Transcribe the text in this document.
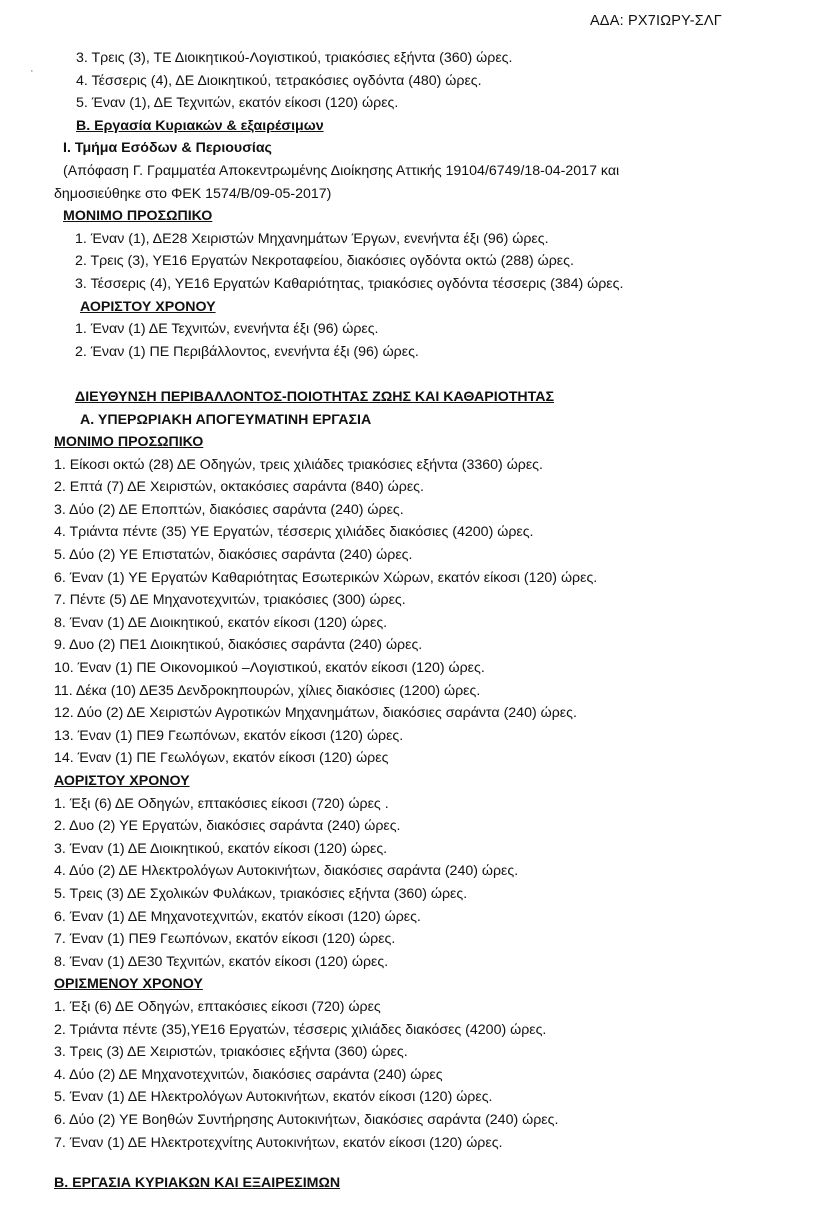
ΑΔΑ: ΡΧ7ΙΩΡΥ-ΣΛΓ
·
3. Τρεις (3), ΤΕ Διοικητικού-Λογιστικού, τριακόσιες εξήντα (360) ώρες.
4. Τέσσερις (4), ΔΕ Διοικητικού, τετρακόσιες ογδόντα (480) ώρες.
5. Έναν (1), ΔΕ Τεχνιτών, εκατόν είκοσι (120) ώρες.
Β. Εργασία Κυριακών & εξαιρέσιμων
Ι. Τμήμα Εσόδων & Περιουσίας
(Απόφαση Γ. Γραμματέα Αποκεντρωμένης Διοίκησης Αττικής 19104/6749/18-04-2017 και
δημοσιεύθηκε στο ΦΕΚ 1574/Β/09-05-2017)
ΜΟΝΙΜΟ ΠΡΟΣΩΠΙΚΟ
1. Έναν (1), ΔΕ28 Χειριστών Μηχανημάτων Έργων, ενενήντα έξι (96) ώρες.
2. Τρεις (3), ΥΕ16 Εργατών Νεκροταφείου, διακόσιες ογδόντα οκτώ (288) ώρες.
3. Τέσσερις (4), ΥΕ16 Εργατών Καθαριότητας, τριακόσιες ογδόντα τέσσερις (384) ώρες.
ΑΟΡΙΣΤΟΥ ΧΡΟΝΟΥ
1. Έναν (1) ΔΕ Τεχνιτών, ενενήντα έξι (96) ώρες.
2. Έναν (1) ΠΕ Περιβάλλοντος, ενενήντα έξι (96) ώρες.
ΔΙΕΥΘΥΝΣΗ ΠΕΡΙΒΑΛΛΟΝΤΟΣ-ΠΟΙΟΤΗΤΑΣ ΖΩΗΣ ΚΑΙ ΚΑΘΑΡΙΟΤΗΤΑΣ
Α. ΥΠΕΡΩΡΙΑΚΗ ΑΠΟΓΕΥΜΑΤΙΝΗ ΕΡΓΑΣΙΑ
ΜΟΝΙΜΟ ΠΡΟΣΩΠΙΚΟ
1. Είκοσι οκτώ (28) ΔΕ Οδηγών, τρεις χιλιάδες τριακόσιες εξήντα (3360) ώρες.
2. Επτά (7) ΔΕ Χειριστών, οκτακόσιες σαράντα (840) ώρες.
3. Δύο (2) ΔΕ Εποπτών, διακόσιες σαράντα (240) ώρες.
4. Τριάντα πέντε (35) ΥΕ Εργατών, τέσσερις χιλιάδες διακόσιες (4200) ώρες.
5. Δύο (2) ΥΕ Επιστατών, διακόσιες σαράντα (240) ώρες.
6. Έναν (1) ΥΕ Εργατών Καθαριότητας Εσωτερικών Χώρων, εκατόν είκοσι (120) ώρες.
7. Πέντε (5) ΔΕ Μηχανοτεχνιτών, τριακόσιες (300) ώρες.
8. Έναν (1) ΔΕ Διοικητικού, εκατόν είκοσι (120) ώρες.
9. Δυο (2) ΠΕ1 Διοικητικού, διακόσιες σαράντα (240) ώρες.
10. Έναν (1) ΠΕ Οικονομικού –Λογιστικού, εκατόν είκοσι (120) ώρες.
11. Δέκα (10) ΔΕ35 Δενδροκηπουρών, χίλιες διακόσιες (1200) ώρες.
12. Δύο (2) ΔΕ Χειριστών Αγροτικών Μηχανημάτων, διακόσιες σαράντα (240) ώρες.
13. Έναν (1) ΠΕ9 Γεωπόνων, εκατόν είκοσι (120) ώρες.
14. Έναν (1) ΠΕ Γεωλόγων, εκατόν είκοσι (120) ώρες
ΑΟΡΙΣΤΟΥ ΧΡΟΝΟΥ
1. Έξι (6) ΔΕ Οδηγών, επτακόσιες είκοσι (720) ώρες .
2. Δυο (2) ΥΕ Εργατών, διακόσιες σαράντα (240) ώρες.
3. Έναν (1) ΔΕ Διοικητικού, εκατόν είκοσι (120) ώρες.
4. Δύο (2) ΔΕ Ηλεκτρολόγων Αυτοκινήτων, διακόσιες σαράντα (240) ώρες.
5. Τρεις (3) ΔΕ Σχολικών Φυλάκων, τριακόσιες εξήντα (360) ώρες.
6. Έναν (1) ΔΕ Μηχανοτεχνιτών, εκατόν είκοσι (120) ώρες.
7. Έναν (1) ΠΕ9 Γεωπόνων, εκατόν είκοσι (120) ώρες.
8. Έναν (1) ΔΕ30 Τεχνιτών, εκατόν είκοσι (120) ώρες.
ΟΡΙΣΜΕΝΟΥ ΧΡΟΝΟΥ
1. Έξι (6) ΔΕ Οδηγών, επτακόσιες είκοσι (720) ώρες
2. Τριάντα πέντε (35),ΥΕ16 Εργατών, τέσσερις χιλιάδες διακόσες (4200) ώρες.
3. Τρεις (3) ΔΕ Χειριστών, τριακόσιες εξήντα (360) ώρες.
4. Δύο (2) ΔΕ Μηχανοτεχνιτών, διακόσιες σαράντα (240) ώρες
5. Έναν (1) ΔΕ Ηλεκτρολόγων Αυτοκινήτων, εκατόν είκοσι (120) ώρες.
6. Δύο (2) ΥΕ Βοηθών Συντήρησης Αυτοκινήτων, διακόσιες σαράντα (240) ώρες.
7. Έναν (1) ΔΕ Ηλεκτροτεχνίτης Αυτοκινήτων, εκατόν είκοσι (120) ώρες.
Β. ΕΡΓΑΣΙΑ ΚΥΡΙΑΚΩΝ ΚΑΙ ΕΞΑΙΡΕΣΙΜΩΝ
